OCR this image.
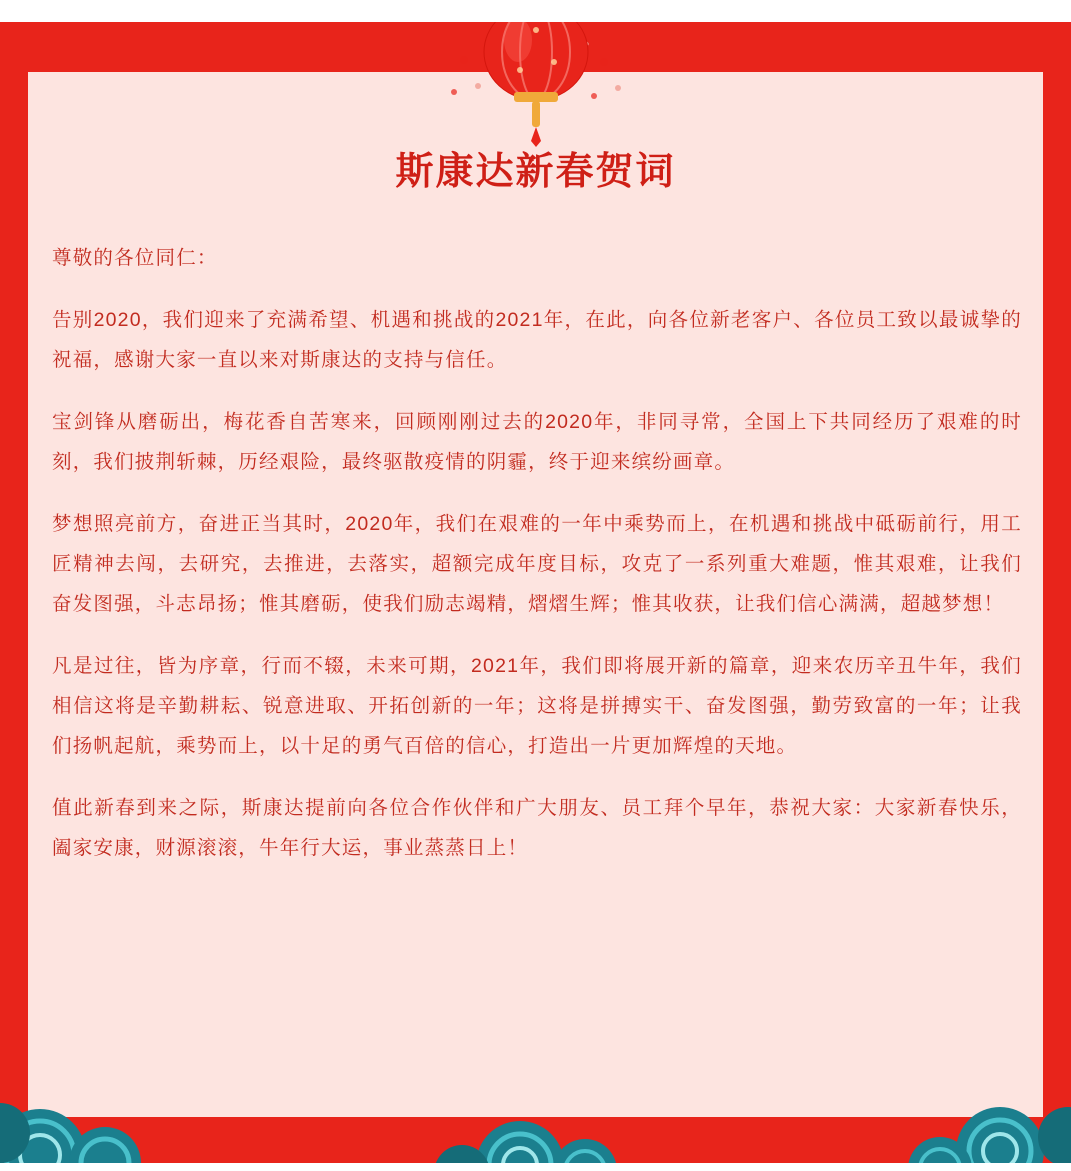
斯康达新春贺词

尊敬的各位同仁：

告别2020，我们迎来了充满希望、机遇和挑战的2021年，在此，向各位新老客户、各位员工致以最诚挚的祝福，感谢大家一直以来对斯康达的支持与信任。

宝剑锋从磨砺出，梅花香自苦寒来，回顾刚刚过去的2020年，非同寻常，全国上下共同经历了艰难的时刻，我们披荆斩棘，历经艰险，最终驱散疫情的阴霾，终于迎来缤纷画章。

梦想照亮前方，奋进正当其时，2020年，我们在艰难的一年中乘势而上，在机遇和挑战中砥砺前行，用工匠精神去闯，去研究，去推进，去落实，超额完成年度目标，攻克了一系列重大难题，惟其艰难，让我们奋发图强，斗志昂扬；惟其磨砺，使我们励志竭精，熠熠生辉；惟其收获，让我们信心满满，超越梦想！

凡是过往，皆为序章，行而不辍，未来可期，2021年，我们即将展开新的篇章，迎来农历辛丑牛年，我们相信这将是辛勤耕耘、锐意进取、开拓创新的一年；这将是拼搏实干、奋发图强，勤劳致富的一年；让我们扬帆起航，乘势而上，以十足的勇气百倍的信心，打造出一片更加辉煌的天地。

值此新春到来之际，斯康达提前向各位合作伙伴和广大朋友、员工拜个早年，恭祝大家：大家新春快乐，阖家安康，财源滚滚，牛年行大运，事业蒸蒸日上！
